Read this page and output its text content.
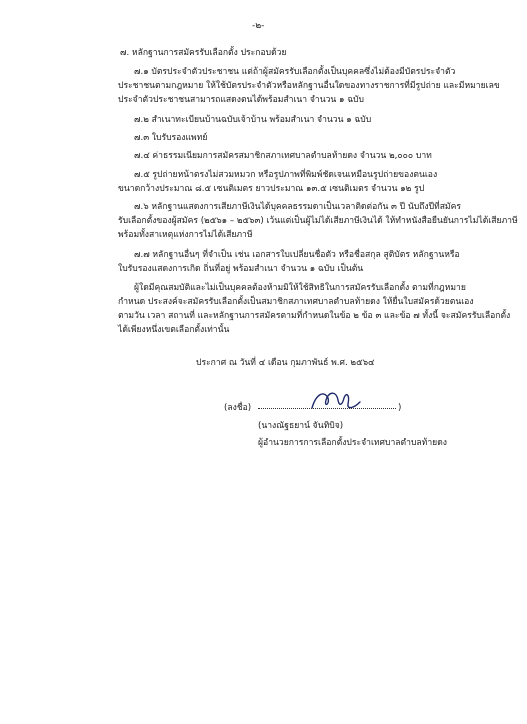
-๒-
๗. หลักฐานการสมัครรับเลือกตั้ง ประกอบด้วย
๗.๑ บัตรประจำตัวประชาชน แต่ถ้าผู้สมัครรับเลือกตั้งเป็นบุคคลซึ่งไม่ต้องมีบัตรประจำตัว
ประชาชนตามกฎหมาย ให้ใช้บัตรประจำตัวหรือหลักฐานอื่นใดของทางราชการที่มีรูปถ่าย และมีหมายเลข
ประจำตัวประชาชนสามารถแสดงตนได้พร้อมสำเนา จำนวน ๑ ฉบับ
๗.๒ สำเนาทะเบียนบ้านฉบับเจ้าบ้าน พร้อมสำเนา จำนวน ๑ ฉบับ
๗.๓ ใบรับรองแพทย์
๗.๔ ค่าธรรมเนียมการสมัครสมาชิกสภาเทศบาลตำบลท้ายดง จำนวน ๒,๐๐๐ บาท
๗.๕ รูปถ่ายหน้าตรงไม่สวมหมวก หรือรูปภาพที่พิมพ์ชัดเจนเหมือนรูปถ่ายของตนเอง
ขนาดกว้างประมาณ ๘.๕ เซนติเมตร ยาวประมาณ ๑๓.๕ เซนติเมตร จำนวน ๑๒ รูป
๗.๖ หลักฐานแสดงการเสียภาษีเงินได้บุคคลธรรมดาเป็นเวลาติดต่อกัน ๓ ปี นับถึงปีที่สมัคร
รับเลือกตั้งของผู้สมัคร (๒๕๖๑ – ๒๕๖๓) เว้นแต่เป็นผู้ไม่ได้เสียภาษีเงินได้ ให้ทำหนังสือยืนยันการไม่ได้เสียภาษี
พร้อมทั้งสาเหตุแห่งการไม่ได้เสียภาษี
๗.๗ หลักฐานอื่นๆ ที่จำเป็น เช่น เอกสารใบเปลี่ยนชื่อตัว หรือชื่อสกุล สูติบัตร หลักฐานหรือ
ใบรับรองแสดงการเกิด ถิ่นที่อยู่ พร้อมสำเนา จำนวน ๑ ฉบับ เป็นต้น
ผู้ใดมีคุณสมบัติและไม่เป็นบุคคลต้องห้ามมิให้ใช้สิทธิในการสมัครรับเลือกตั้ง ตามที่กฎหมาย
กำหนด ประสงค์จะสมัครรับเลือกตั้งเป็นสมาชิกสภาเทศบาลตำบลท้ายดง ให้ยื่นใบสมัครด้วยตนเอง
ตามวัน เวลา สถานที่ และหลักฐานการสมัครตามที่กำหนดในข้อ ๒ ข้อ ๓ และข้อ ๗ ทั้งนี้ จะสมัครรับเลือกตั้ง
ได้เพียงหนึ่งเขตเลือกตั้งเท่านั้น
ประกาศ ณ วันที่ ๔ เดือน กุมภาพันธ์ พ.ศ. ๒๕๖๔
(ลงชื่อ)	)
(นางณัฐธยาน์ จันทิบิจ)
ผู้อำนวยการการเลือกตั้งประจำเทศบาลตำบลท้ายดง
